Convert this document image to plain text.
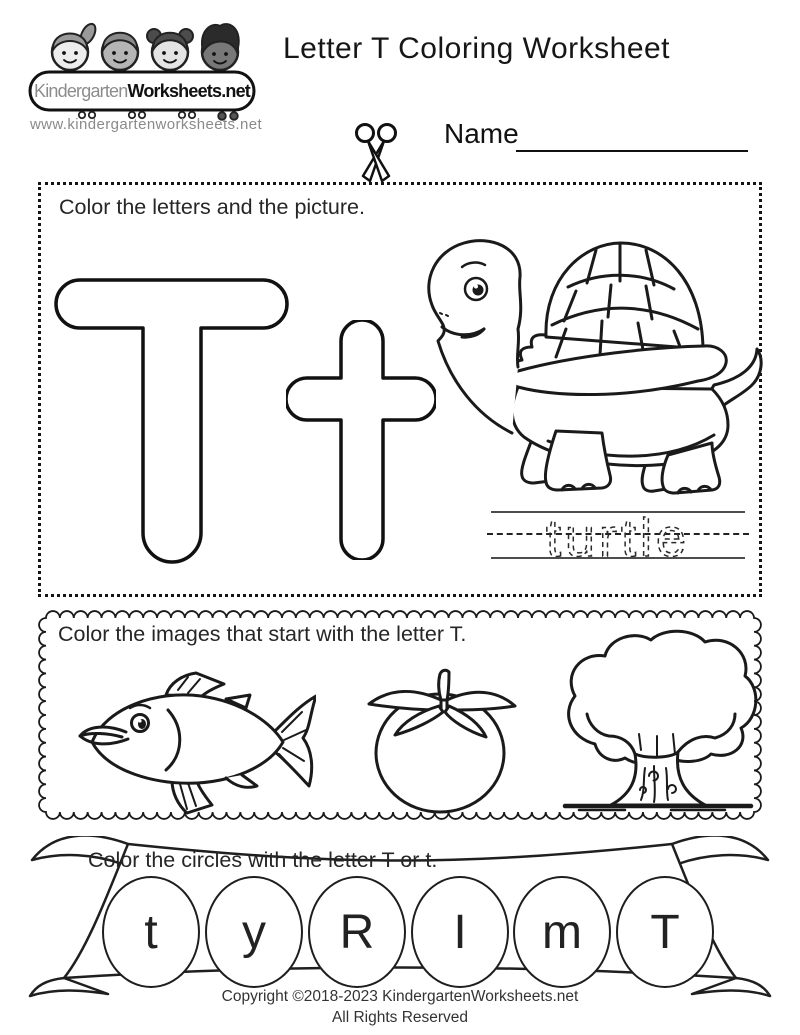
Kindergarten Worksheets.net
www.kindergartenworksheets.net
Letter T Coloring Worksheet
Name
Color the letters and the picture.
turtle
Color the images that start with the letter T.
Color the circles with the letter T or t.
t y R I m T
Copyright ©2018-2023 KindergartenWorksheets.net
All Rights Reserved
